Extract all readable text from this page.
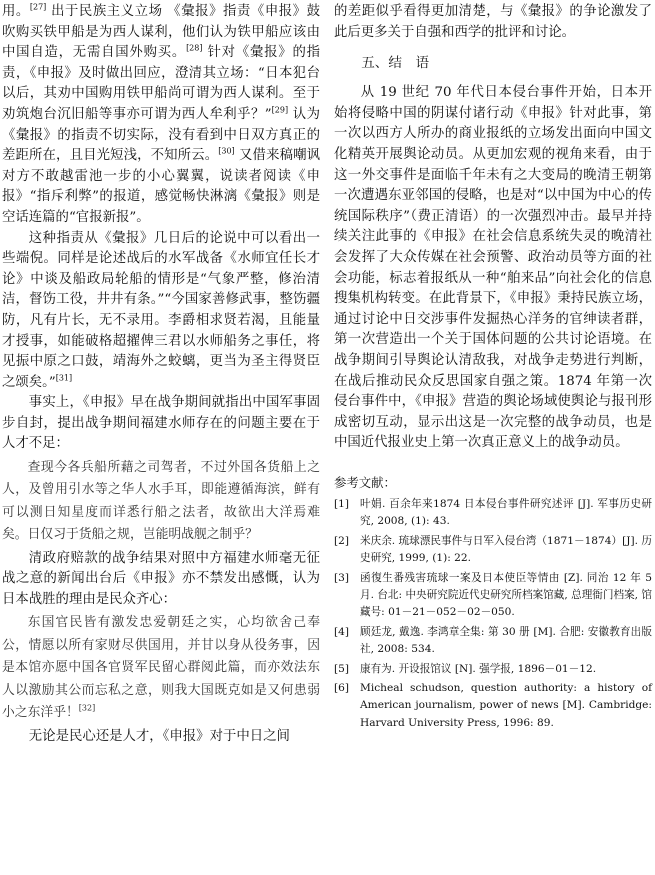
用。[27] 出于民族主义立场 《彙报》指责《申报》鼓吹购买铁甲船是为西人谋利，他们认为铁甲船应该由中国自造，无需自国外购买。[28] 针对《彙报》的指责，《申报》及时做出回应，澄清其立场：“日本犯台以后，其劝中国购用铁甲船尚可谓为西人谋利。至于劝筑炮台沉旧船等事亦可谓为西人牟利乎？”[29] 认为《彙报》的指责不切实际，没有看到中日双方真正的差距所在，且目光短浅，不知所云。[30] 又借来稿嘲讽对方不敢越雷池一步的小心翼翼，说读者阅读《申报》“指斥利弊”的报道，感觉畅快淋漓《彙报》则是空话连篇的“官报新报”。

这种指责从《彙报》几日后的论说中可以看出一些端倪。同样是论述战后的水军战备《水师宜任长才论》中谈及船政局轮船的情形是“气象严整，修治清洁，督饬工役，井井有条。”“今国家善修武事，整饬疆防，凡有片长，无不录用。李爵相求贤若渴，且能量才授事，如能破格超擢俾三君以水师船务之事任，将见振中原之口鼓，靖海外之蛟螭，更当为圣主得贤臣之颂矣。”[31]

事实上，《申报》早在战争期间就指出中国军事固步自封，提出战争期间福建水师存在的问题主要在于人才不足：

查现今各兵船所藉之司驾者，不过外国各货船上之人，及曾用引水等之华人水手耳，即能遵循海滨，鲜有可以测日知星度而详悉行船之法者，故欲出大洋焉难矣。日仅习于货船之规，岂能明战舰之制乎？

清政府赔款的战争结果对照中方福建水师毫无征战之意的新闻出台后《申报》亦不禁发出感慨，认为日本战胜的理由是民众齐心：

东国官民皆有激发忠爱朝廷之实，心均欲舍己奉公，情愿以所有家财尽供国用，并甘以身从役务事，因是本馆亦愿中国各官贤军民留心群阅此篇，而亦效法东人以激励其公而忘私之意，则我大国既克如是又何患弱小之东洋乎！[32]

无论是民心还是人才，《申报》对于中日之间

的差距似乎看得更加清楚，与《彙报》的争论激发了此后更多关于自强和西学的批评和讨论。

五、结　语

从 19 世纪 70 年代日本侵台事件开始，日本开始将侵略中国的阴谋付诸行动《申报》针对此事，第一次以西方人所办的商业报纸的立场发出面向中国文化精英开展舆论动员。从更加宏观的视角来看，由于这一外交事件是面临千年未有之大变局的晚清王朝第一次遭遇东亚邻国的侵略，也是对“以中国为中心的传统国际秩序”（费正清语）的一次强烈冲击。最早并持续关注此事的《申报》在社会信息系统失灵的晚清社会发挥了大众传媒在社会预警、政治动员等方面的社会功能，标志着报纸从一种“舶来品”向社会化的信息搜集机构转变。在此背景下，《申报》秉持民族立场，通过讨论中日交涉事件发掘热心洋务的官绅读者群，第一次营造出一个关于国体问题的公共讨论语境。在战争期间引导舆论认清敌我，对战争走势进行判断，在战后推动民众反思国家自强之策。1874 年第一次侵台事件中，《申报》营造的舆论场域使舆论与报刊形成密切互动，显示出这是一次完整的战争动员，也是中国近代报业史上第一次真正意义上的战争动员。

参考文献：
[1]	叶娟. 百余年来1874 日本侵台事件研究述评 [J]. 军事历史研究, 2008, (1): 43.
[2]	米庆余. 琉球漂民事件与日军入侵台湾（1871－1874）[J]. 历史研究, 1999, (1): 22.
[3]	函復生番残害琉球一案及日本使臣等情由 [Z]. 同治 12 年 5 月. 台北: 中央研究院近代史研究所档案馆藏, 总理衙门档案, 馆藏号: 01－21－052－02－050.
[4]	顾廷龙, 戴逸. 李鸿章全集: 第 30 册 [M]. 合肥: 安徽教育出版社, 2008: 534.
[5]	康有为. 开设报馆议 [N]. 强学报, 1896－01－12.
[6]	Micheal schudson, question authority: a history of American journalism, power of news [M]. Cambridge: Harvard University Press, 1996: 89.
